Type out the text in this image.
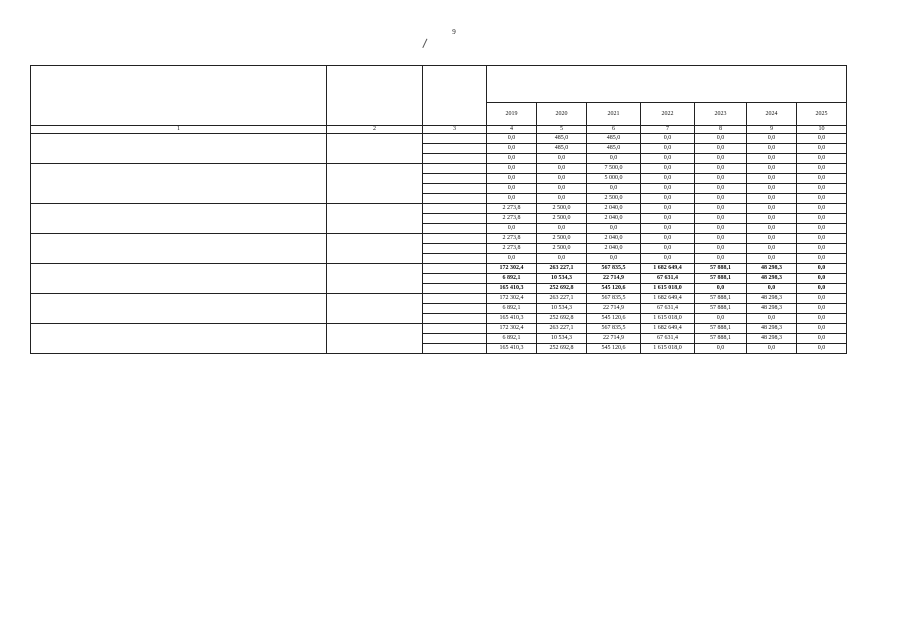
9

			2019	2020	2021	2022	2023	2024	2025
1	2	3	4	5	6	7	8	9	10
			0,0	485,0	485,0	0,0	0,0	0,0	0,0
			0,0	485,0	485,0	0,0	0,0	0,0	0,0
			0,0	0,0	0,0	0,0	0,0	0,0	0,0
			0,0	0,0	7 500,0	0,0	0,0	0,0	0,0
			0,0	0,0	5 000,0	0,0	0,0	0,0	0,0
			0,0	0,0	0,0	0,0	0,0	0,0	0,0
			0,0	0,0	2 500,0	0,0	0,0	0,0	0,0
			2 273,8	2 500,0	2 040,0	0,0	0,0	0,0	0,0
			2 273,8	2 500,0	2 040,0	0,0	0,0	0,0	0,0
			0,0	0,0	0,0	0,0	0,0	0,0	0,0
			2 273,8	2 500,0	2 040,0	0,0	0,0	0,0	0,0
			2 273,8	2 500,0	2 040,0	0,0	0,0	0,0	0,0
			0,0	0,0	0,0	0,0	0,0	0,0	0,0
			172 302,4	263 227,1	567 835,5	1 682 649,4	57 888,1	48 298,3	0,0
			6 892,1	10 534,3	22 714,9	67 631,4	57 888,1	48 298,3	0,0
			165 410,3	252 692,8	545 120,6	1 615 018,0	0,0	0,0	0,0
			172 302,4	263 227,1	567 835,5	1 682 649,4	57 888,1	48 298,3	0,0
			6 892,1	10 534,3	22 714,9	67 631,4	57 888,1	48 298,3	0,0
			165 410,3	252 692,8	545 120,6	1 615 018,0	0,0	0,0	0,0
			172 302,4	263 227,1	567 835,5	1 682 649,4	57 888,1	48 298,3	0,0
			6 892,1	10 534,3	22 714,9	67 631,4	57 888,1	48 298,3	0,0
			165 410,3	252 692,8	545 120,6	1 615 018,0	0,0	0,0	0,0
